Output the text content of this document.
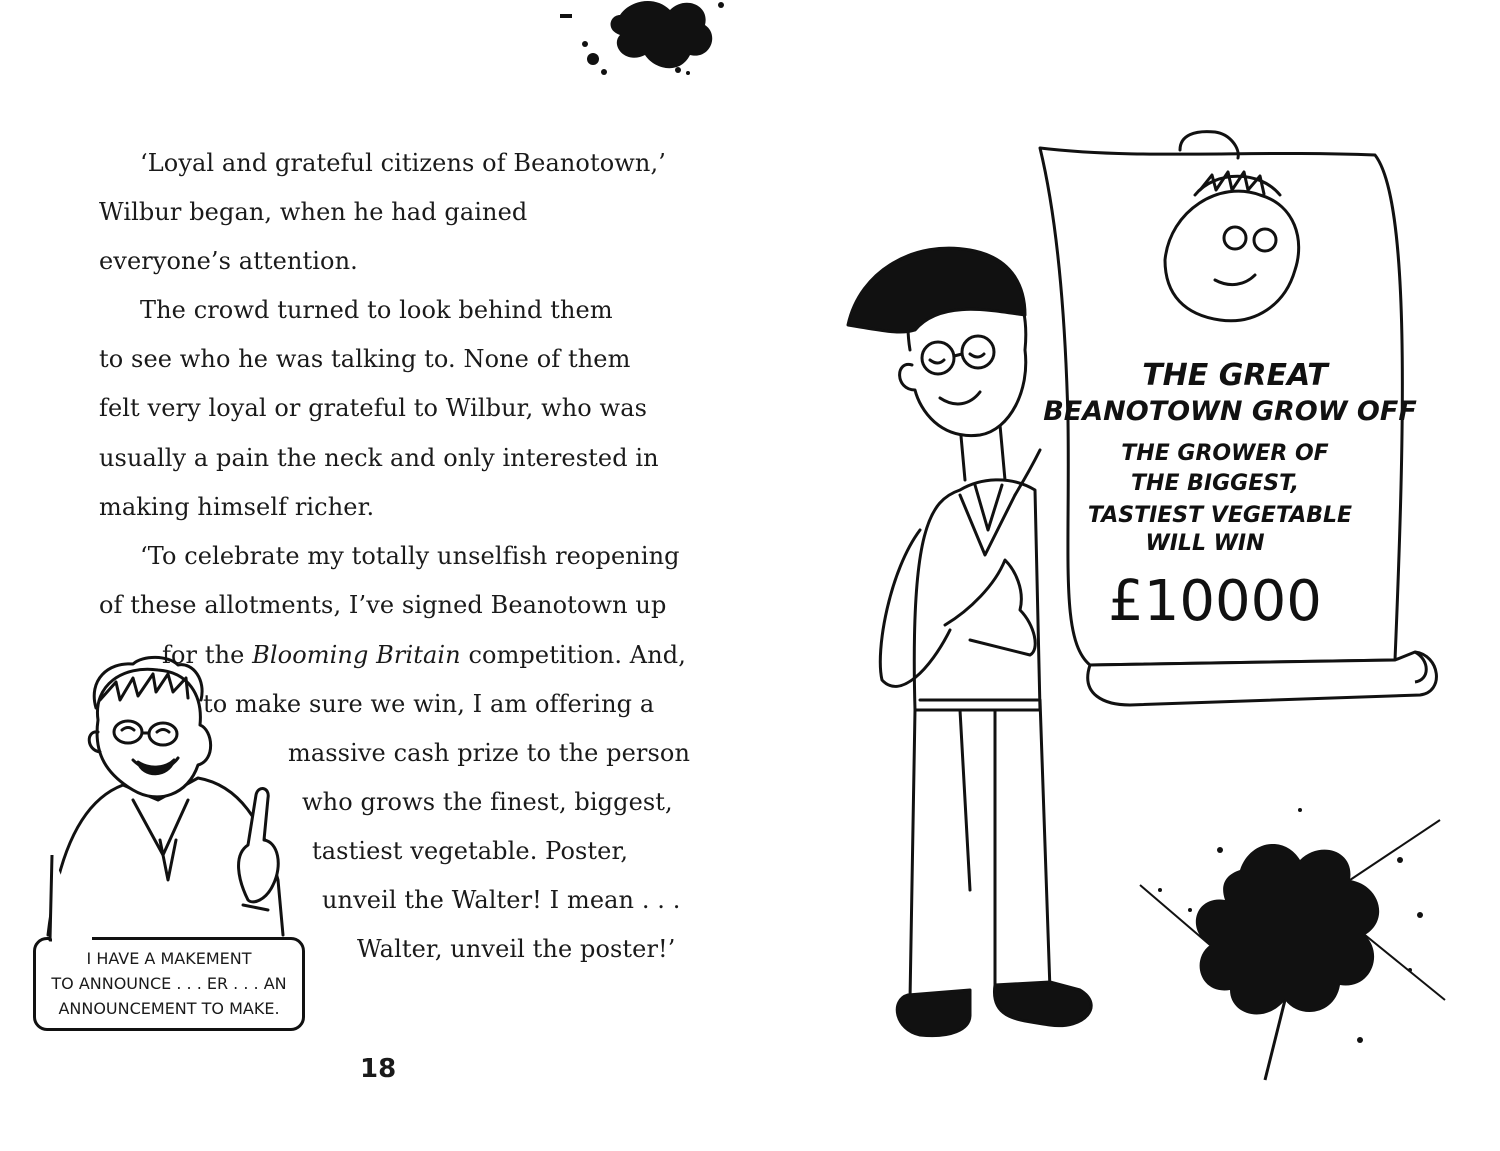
‘Loyal and grateful citizens of Beanotown,’
Wilbur began, when he had gained
everyone’s attention.
The crowd turned to look behind them
to see who he was talking to. None of them
felt very loyal or grateful to Wilbur, who was
usually a pain the neck and only interested in
making himself richer.
‘To celebrate my totally unselfish reopening
of these allotments, I’ve signed Beanotown up
for the Blooming Britain competition. And,
to make sure we win, I am offering a
massive cash prize to the person
who grows the finest, biggest,
tastiest vegetable. Poster,
unveil the Walter! I mean . . .
Walter, unveil the poster!’
I HAVE A MAKEMENT
TO ANNOUNCE . . . ER . . . AN
ANNOUNCEMENT TO MAKE.
18
THE GREAT
BEANOTOWN GROW OFF
THE GROWER OF
THE BIGGEST,
TASTIEST VEGETABLE
WILL WIN
£10000
